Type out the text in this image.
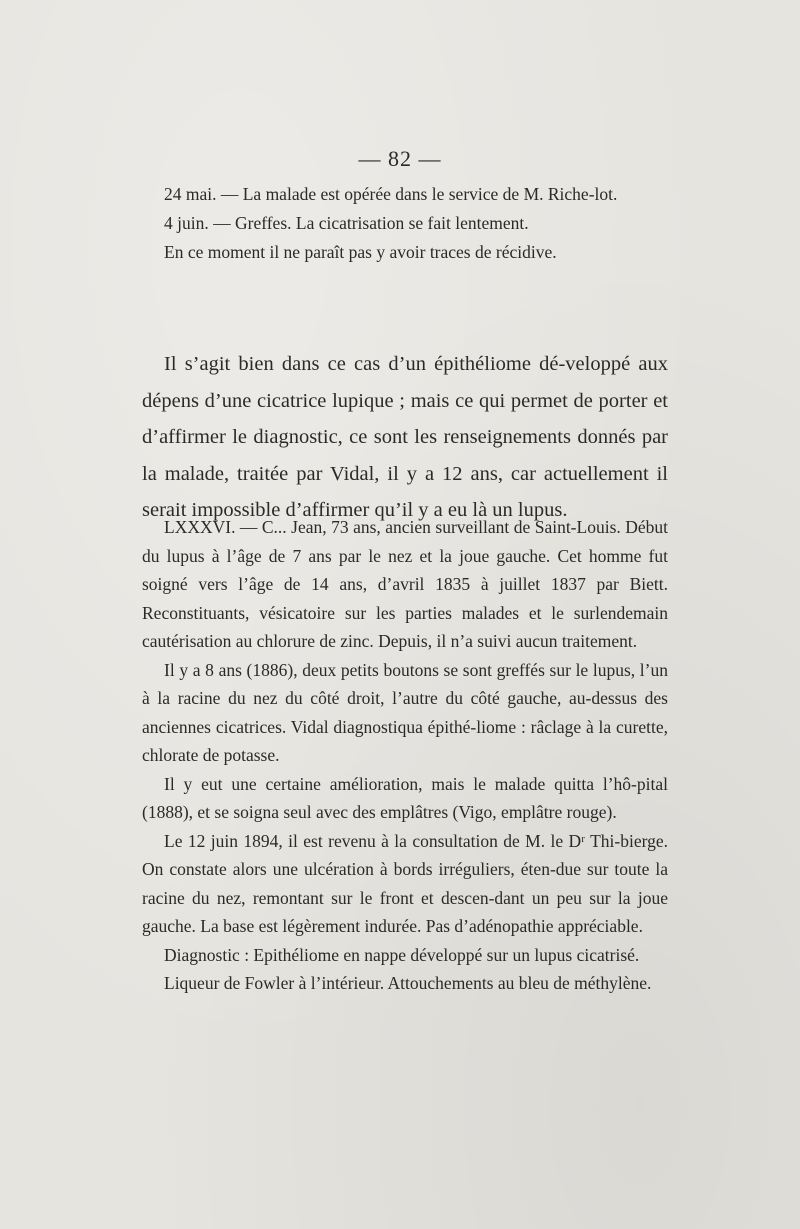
— 82 —

24 mai. — La malade est opérée dans le service de M. Riche-lot.

4 juin. — Greffes. La cicatrisation se fait lentement.

En ce moment il ne paraît pas y avoir traces de récidive.

Il s’agit bien dans ce cas d’un épithéliome dé-veloppé aux dépens d’une cicatrice lupique ; mais ce qui permet de porter et d’affirmer le diagnostic, ce sont les renseignements donnés par la malade, traitée par Vidal, il y a 12 ans, car actuellement il serait impossible d’affirmer qu’il y a eu là un lupus.

LXXXVI. — C... Jean, 73 ans, ancien surveillant de Saint-Louis. Début du lupus à l’âge de 7 ans par le nez et la joue gauche. Cet homme fut soigné vers l’âge de 14 ans, d’avril 1835 à juillet 1837 par Biett. Reconstituants, vésicatoire sur les parties malades et le surlendemain cautérisation au chlorure de zinc. Depuis, il n’a suivi aucun traitement.

Il y a 8 ans (1886), deux petits boutons se sont greffés sur le lupus, l’un à la racine du nez du côté droit, l’autre du côté gauche, au-dessus des anciennes cicatrices. Vidal diagnostiqua épithé-liome : râclage à la curette, chlorate de potasse.

Il y eut une certaine amélioration, mais le malade quitta l’hô-pital (1888), et se soigna seul avec des emplâtres (Vigo, emplâtre rouge).

Le 12 juin 1894, il est revenu à la consultation de M. le Dʳ Thi-bierge. On constate alors une ulcération à bords irréguliers, éten-due sur toute la racine du nez, remontant sur le front et descen-dant un peu sur la joue gauche. La base est légèrement indurée. Pas d’adénopathie appréciable.

Diagnostic : Epithéliome en nappe développé sur un lupus cicatrisé.

Liqueur de Fowler à l’intérieur. Attouchements au bleu de méthylène.
